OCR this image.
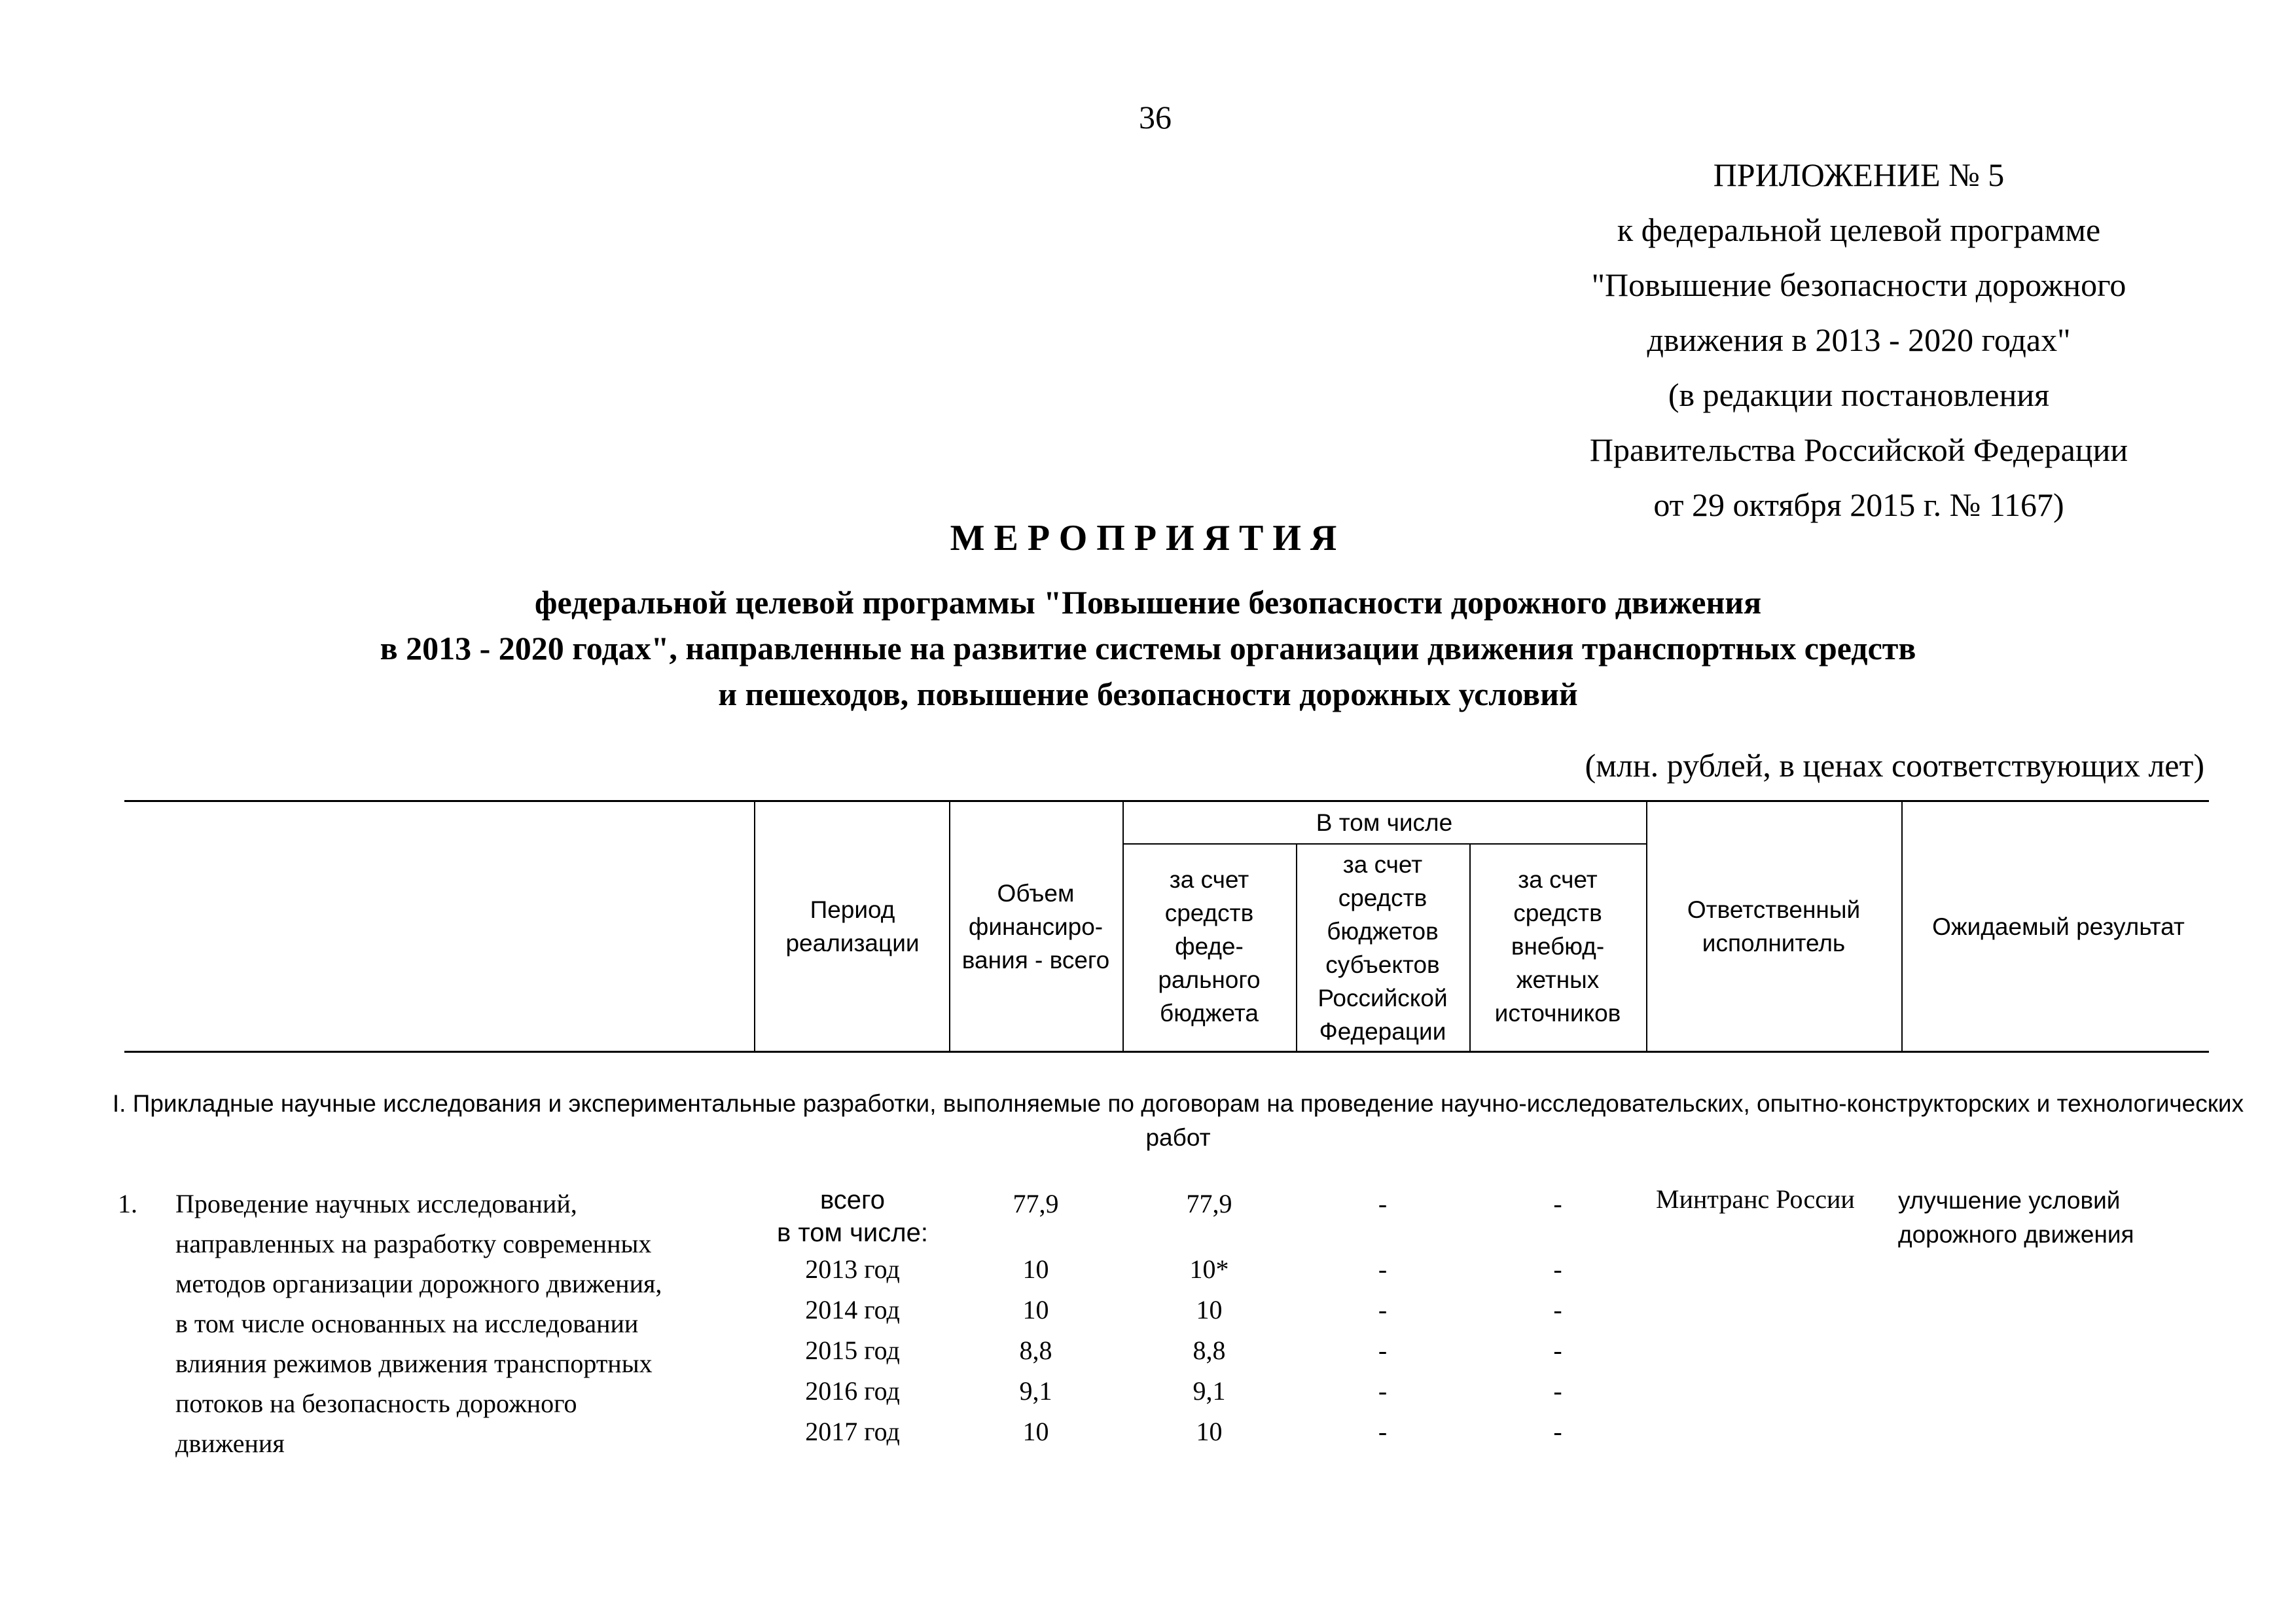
36
ПРИЛОЖЕНИЕ № 5
к федеральной целевой программе
"Повышение безопасности дорожного
движения в 2013 - 2020 годах"
(в редакции постановления
Правительства Российской Федерации
от 29 октября 2015 г. № 1167)
МЕРОПРИЯТИЯ
федеральной целевой программы "Повышение безопасности дорожного движения
в 2013 - 2020 годах", направленные на развитие системы организации движения транспортных средств
и пешеходов, повышение безопасности дорожных условий
(млн. рублей, в ценах соответствующих лет)
Период реализации
Объем финансиро- вания - всего
В том числе
за счет средств феде- рального бюджета
за счет средств бюджетов субъектов Российской Федерации
за счет средств внебюд- жетных источников
Ответственный исполнитель
Ожидаемый результат
I. Прикладные научные исследования и экспериментальные разработки, выполняемые по договорам на проведение научно-исследовательских, опытно-конструкторских и технологических работ
1. Проведение научных исследований,
направленных на разработку современных
методов организации дорожного движения,
в том числе основанных на исследовании
влияния режимов движения транспортных
потоков на безопасность дорожного
движения
всего
в том числе:
2013 год
2014 год
2015 год
2016 год
2017 год
77,9
10
10
8,8
9,1
10
77,9
10*
10
8,8
9,1
10
-
-
-
-
-
-
-
-
-
-
-
-
Минтранс России улучшение условий
дорожного движения
